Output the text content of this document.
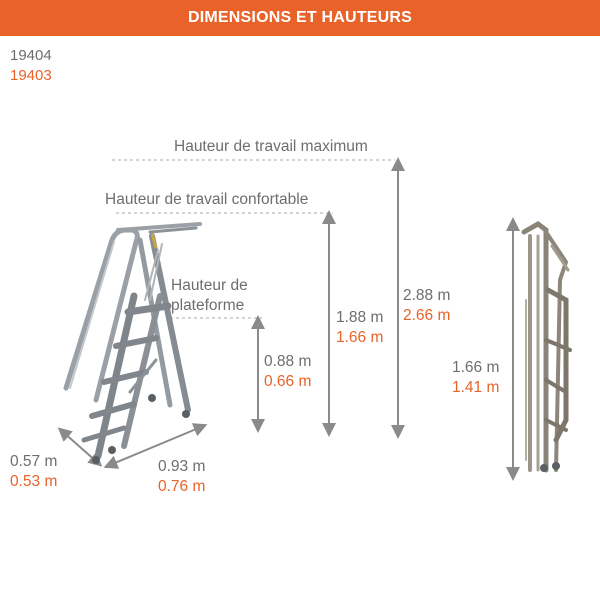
DIMENSIONS ET HAUTEURS
19404
19403
Hauteur de travail maximum
Hauteur de travail confortable
Hauteur de
plateforme
0.88 m
0.66 m
1.88 m
1.66 m
2.88 m
2.66 m
0.57 m
0.53 m
0.93 m
0.76 m
1.66 m
1.41 m
